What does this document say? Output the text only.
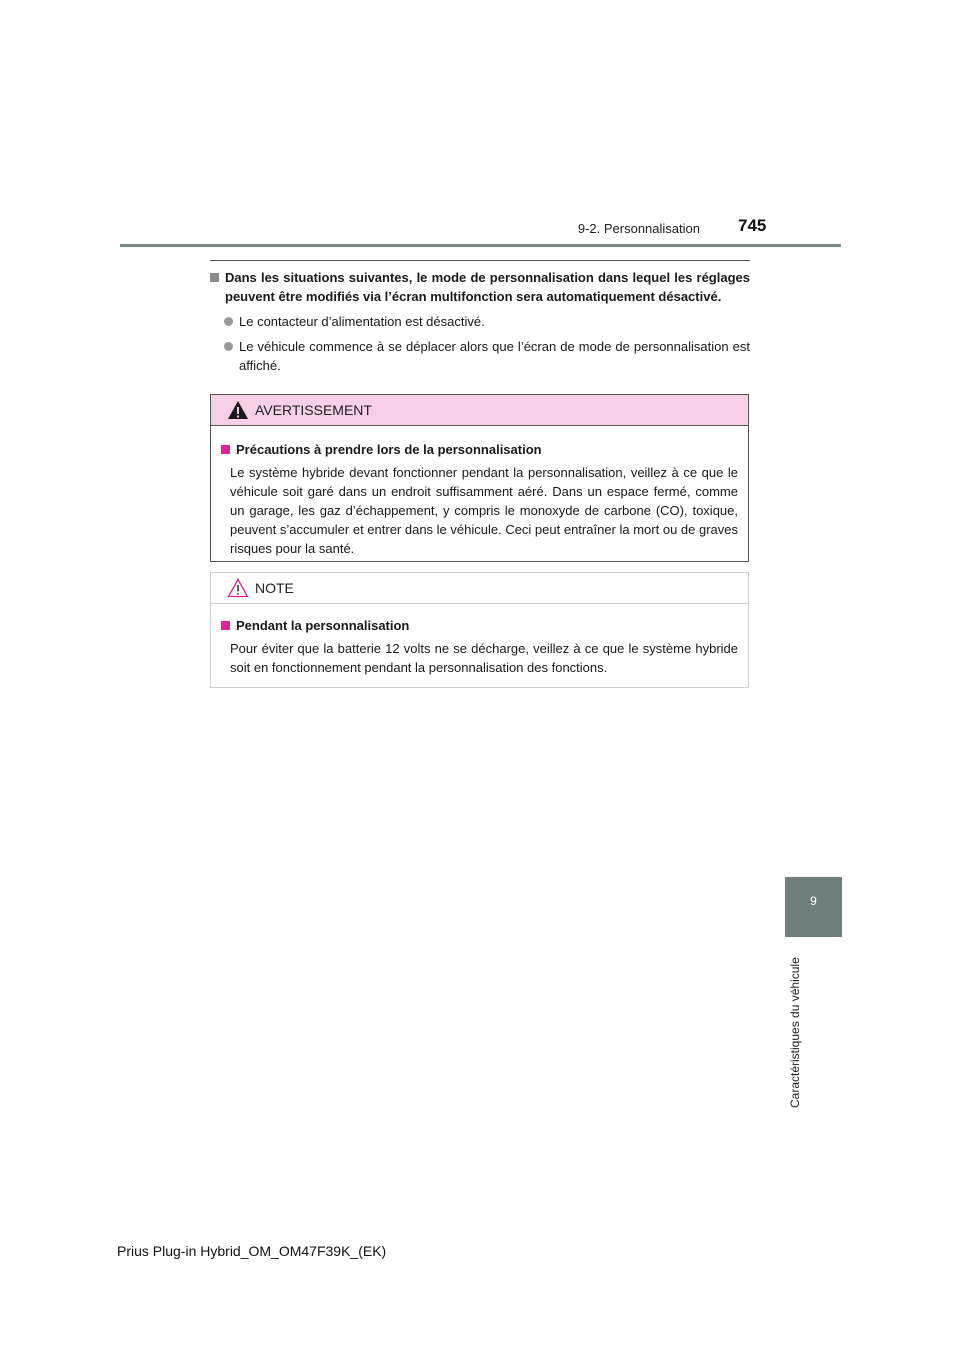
9-2. Personnalisation 745
9
Caractéristiques du véhicule
Dans les situations suivantes, le mode de personnalisation dans lequel les réglages peuvent être modifiés via l’écran multifonction sera automatiquement désactivé.
Le contacteur d’alimentation est désactivé.
Le véhicule commence à se déplacer alors que l’écran de mode de personnalisation est affiché.
AVERTISSEMENT
Précautions à prendre lors de la personnalisation
Le système hybride devant fonctionner pendant la personnalisation, veillez à ce que le véhicule soit garé dans un endroit suffisamment aéré. Dans un espace fermé, comme un garage, les gaz d’échappement, y compris le monoxyde de carbone (CO), toxique, peuvent s’accumuler et entrer dans le véhicule. Ceci peut entraîner la mort ou de graves risques pour la santé.
NOTE
Pendant la personnalisation
Pour éviter que la batterie 12 volts ne se décharge, veillez à ce que le système hybride soit en fonctionnement pendant la personnalisation des fonctions.
Prius Plug-in Hybrid_OM_OM47F39K_(EK)
